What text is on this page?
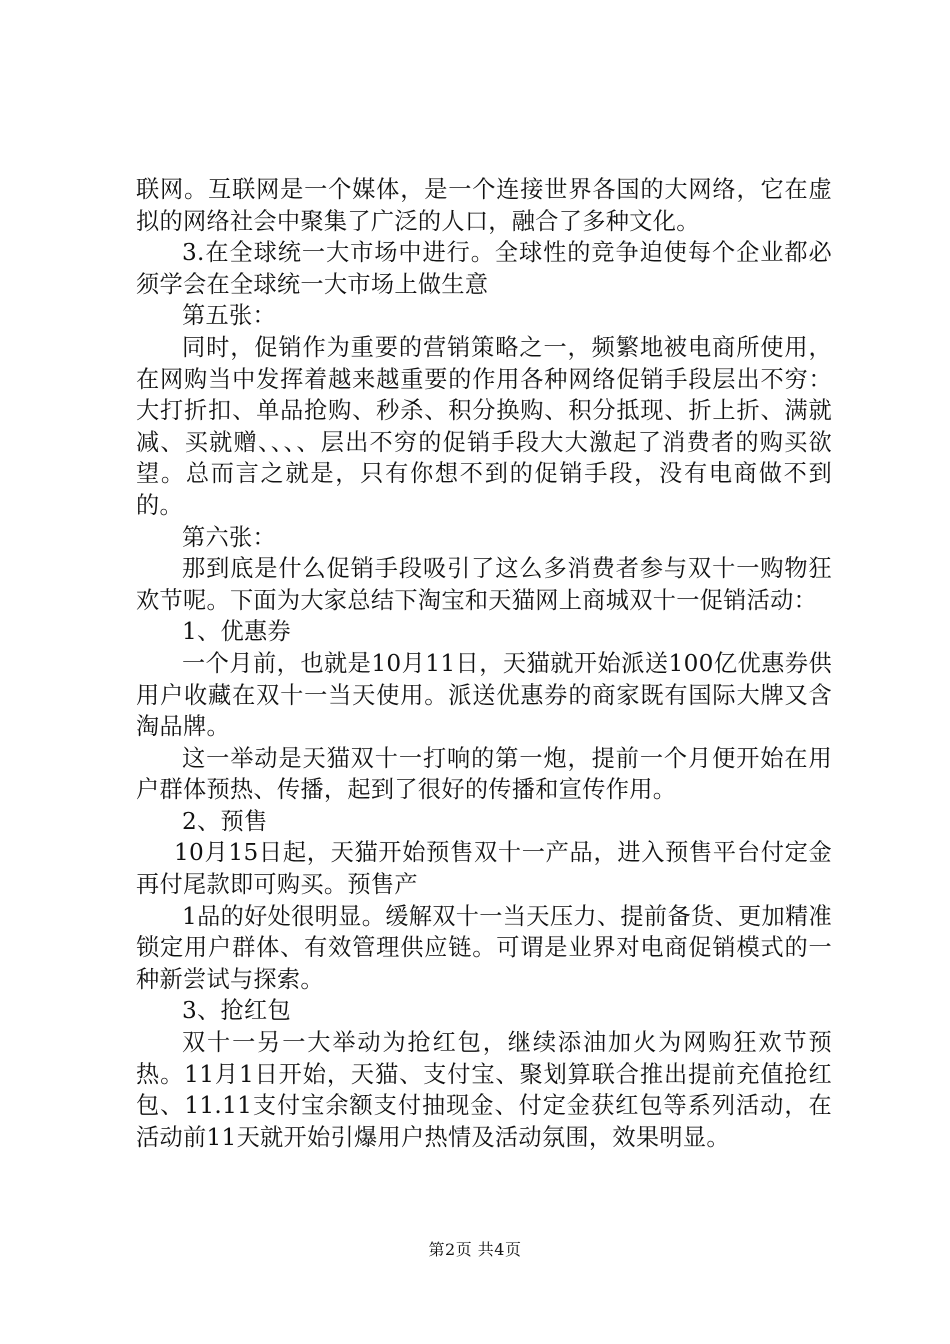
联网。互联网是一个媒体，是一个连接世界各国的大网络，它在虚拟的网络社会中聚集了广泛的人口，融合了多种文化。

3.在全球统一大市场中进行。全球性的竞争迫使每个企业都必须学会在全球统一大市场上做生意

第五张：

同时，促销作为重要的营销策略之一，频繁地被电商所使用，在网购当中发挥着越来越重要的作用各种网络促销手段层出不穷：大打折扣、单品抢购、秒杀、积分换购、积分抵现、折上折、满就减、买就赠、、、、层出不穷的促销手段大大激起了消费者的购买欲望。总而言之就是，只有你想不到的促销手段，没有电商做不到的。

第六张：

那到底是什么促销手段吸引了这么多消费者参与双十一购物狂欢节呢。下面为大家总结下淘宝和天猫网上商城双十一促销活动：

1、优惠券

一个月前，也就是10月11日，天猫就开始派送100亿优惠券供用户收藏在双十一当天使用。派送优惠券的商家既有国际大牌又含淘品牌。

这一举动是天猫双十一打响的第一炮，提前一个月便开始在用户群体预热、传播，起到了很好的传播和宣传作用。

2、预售

10月15日起，天猫开始预售双十一产品，进入预售平台付定金再付尾款即可购买。预售产

1品的好处很明显。缓解双十一当天压力、提前备货、更加精准锁定用户群体、有效管理供应链。可谓是业界对电商促销模式的一种新尝试与探索。

3、抢红包

双十一另一大举动为抢红包，继续添油加火为网购狂欢节预热。11月1日开始，天猫、支付宝、聚划算联合推出提前充值抢红包、11.11支付宝余额支付抽现金、付定金获红包等系列活动，在活动前11天就开始引爆用户热情及活动氛围，效果明显。

第2页 共4页
